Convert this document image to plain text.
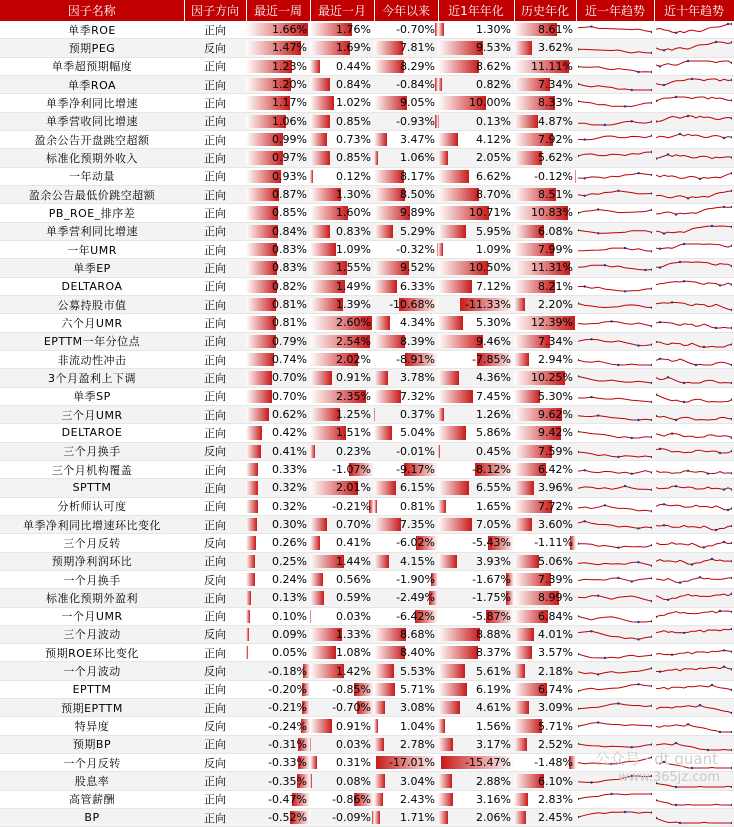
因子名称	因子方向	最近一周	最近一月	今年以来	近1年年化	历史年化	近一年趋势	近十年趋势
单季ROE	正向	1.66%	1.76%	-0.70%	1.30%	8.61%	

预期PEG	反向	1.47%	1.69%	7.81%	9.53%	3.62%	

单季超预期幅度	正向	1.23%	0.44%	8.29%	8.62%	11.11%	

单季ROA	正向	1.20%	0.84%	-0.84%	0.82%	7.34%	

单季净利同比增速	正向	1.17%	1.02%	9.05%	10.00%	8.33%	

单季营收同比增速	正向	1.06%	0.85%	-0.93%	0.13%	4.87%	

盈余公告开盘跳空超额	正向	0.99%	0.73%	3.47%	4.12%	7.92%	

标准化预期外收入	正向	0.97%	0.85%	1.06%	2.05%	5.62%	

一年动量	正向	0.93%	0.12%	8.17%	6.62%	-0.12%	

盈余公告最低价跳空超额	正向	0.87%	1.30%	8.50%	8.70%	8.51%	

PB_ROE_排序差	正向	0.85%	1.60%	9.89%	10.71%	10.83%	

单季营利同比增速	正向	0.84%	0.83%	5.29%	5.95%	6.08%	

一年UMR	正向	0.83%	1.09%	-0.32%	1.09%	7.99%	

单季EP	正向	0.83%	1.55%	9.52%	10.50%	11.31%	

DELTAROA	正向	0.82%	1.49%	6.33%	7.12%	8.21%	

公募持股市值	正向	0.81%	1.39%	-10.68%	-11.33%	2.20%	

六个月UMR	正向	0.81%	2.60%	4.34%	5.30%	12.39%	

EPTTM一年分位点	正向	0.79%	2.54%	8.39%	9.46%	7.34%	

非流动性冲击	正向	0.74%	2.02%	-8.91%	-7.85%	2.94%	

3个月盈利上下调	正向	0.70%	0.91%	3.78%	4.36%	10.25%	

单季SP	正向	0.70%	2.35%	7.32%	7.45%	5.30%	

三个月UMR	正向	0.62%	1.25%	0.37%	1.26%	9.62%	

DELTAROE	正向	0.42%	1.51%	5.04%	5.86%	9.42%	

三个月换手	反向	0.41%	0.23%	-0.01%	0.45%	7.59%	

三个月机构覆盖	正向	0.33%	-1.07%	-9.17%	-8.12%	6.42%	

SPTTM	正向	0.32%	2.01%	6.15%	6.55%	3.96%	

分析师认可度	正向	0.32%	-0.21%	0.81%	1.65%	7.72%	

单季净利同比增速环比变化	正向	0.30%	0.70%	7.35%	7.05%	3.60%	

三个月反转	反向	0.26%	0.41%	-6.02%	-5.43%	-1.11%	

预期净利润环比	正向	0.25%	1.44%	4.15%	3.93%	5.06%	

一个月换手	反向	0.24%	0.56%	-1.90%	-1.67%	7.39%	

标准化预期外盈利	正向	0.13%	0.59%	-2.49%	-1.75%	8.99%	

一个月UMR	正向	0.10%	0.03%	-6.42%	-5.87%	6.84%	

三个月波动	反向	0.09%	1.33%	8.68%	8.88%	4.01%	

预期ROE环比变化	正向	0.05%	1.08%	8.40%	8.37%	3.57%	

一个月波动	反向	-0.18%	1.42%	5.53%	5.61%	2.18%	

EPTTM	正向	-0.20%	-0.85%	5.71%	6.19%	6.74%	

预期EPTTM	正向	-0.21%	-0.70%	3.08%	4.61%	3.09%	

特异度	反向	-0.24%	0.91%	1.04%	1.56%	5.71%	

预期BP	正向	-0.31%	0.03%	2.78%	3.17%	2.52%	

一个月反转	反向	-0.33%	0.31%	-17.01%	-15.47%	-1.48%	

股息率	正向	-0.35%	0.08%	3.04%	2.88%	6.10%	

高管薪酬	正向	-0.47%	-0.86%	2.43%	3.16%	2.83%	

BP	正向	-0.52%	-0.09%	1.71%	2.06%	2.45%	

公众号 · dt quant
www.365jz.com
